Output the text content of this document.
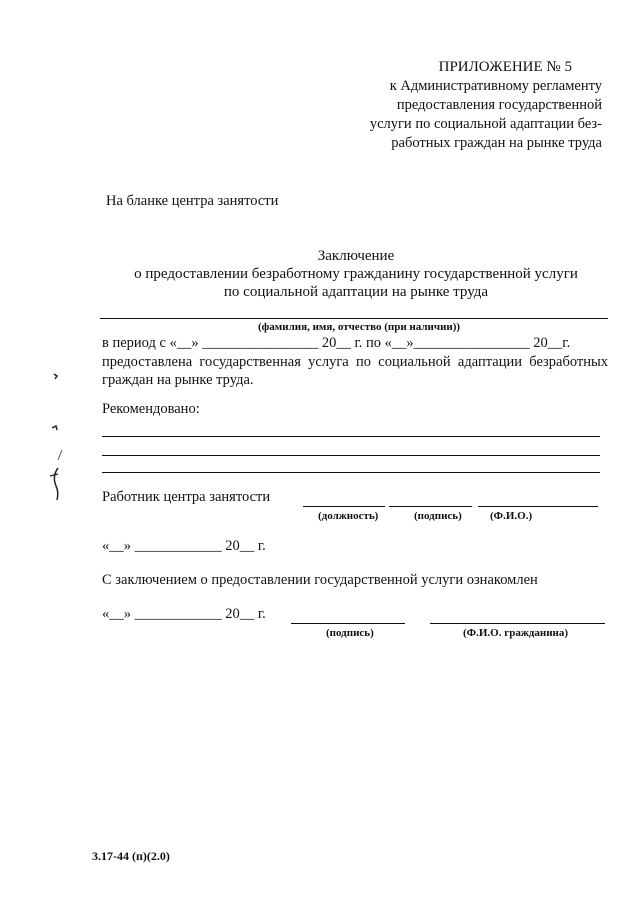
ПРИЛОЖЕНИЕ № 5
к Административному регламенту
предоставления государственной
услуги по социальной адаптации без-
работных граждан на рынке труда
На бланке центра занятости
Заключение
о предоставлении безработному гражданину государственной услуги
по социальной адаптации на рынке труда
(фамилия, имя, отчество (при наличии))
в период с «__» ________________ 20__ г. по «__»________________ 20__г.
предоставлена государственная услуга по социальной адаптации безработных граждан на рынке труда.
Рекомендовано:
Работник центра занятости
(должность)	(подпись)	(Ф.И.О.)
«__» ____________ 20__ г.
С заключением о предоставлении государственной услуги ознакомлен
«__» ____________ 20__ г.
(подпись)	(Ф.И.О. гражданина)
3.17-44 (п)(2.0)
